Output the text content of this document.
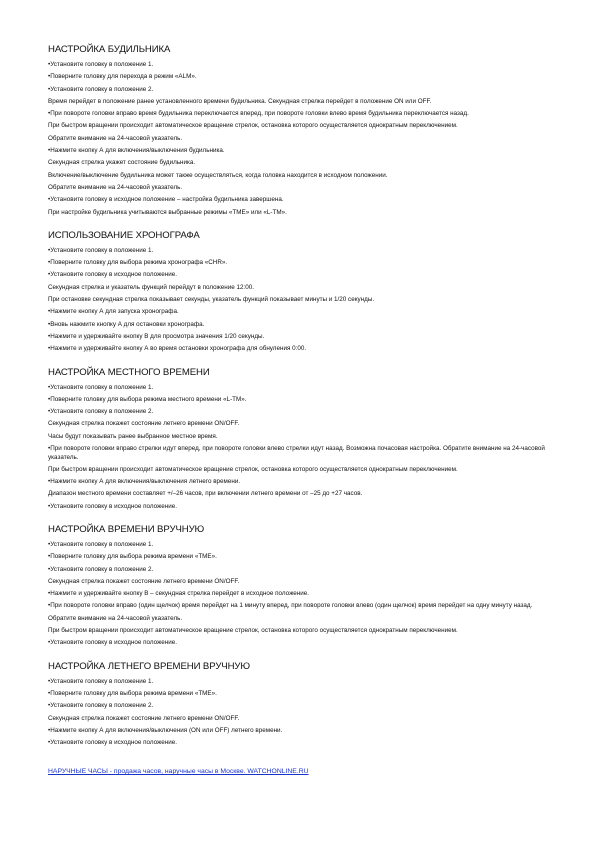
НАСТРОЙКА БУДИЛЬНИКА
•Установите головку в положение 1.
•Поверните головку для перехода в режим «ALM».
•Установите головку в положение 2.
Время перейдет в положение ранее установленного времени будильника. Секундная стрелка перейдет в положение ON или OFF.
•При повороте головки вправо время будильника переключается вперед, при повороте головки влево время будильника переключается назад.
При быстром вращении происходит автоматическое вращение стрелок, остановка которого осуществляется однократным переключением.
Обратите внимание на 24-часовой указатель.
•Нажмите кнопку А для включения/выключения будильника.
Секундная стрелка укажет состояние будильника.
Включение/выключение будильника может также осуществляться, когда головка находится в исходном положении.
Обратите внимание на 24-часовой указатель.
•Установите головку в исходное положение – настройка будильника завершена.
При настройке будильника учитываются выбранные режимы «TME» или «L-TM».
ИСПОЛЬЗОВАНИЕ ХРОНОГРАФА
•Установите головку в положение 1.
•Поверните головку для выбора режима хронографа «CHR».
•Установите головку в исходное положение.
Секундная стрелка и указатель функций перейдут в положение 12:00.
При остановке секундная стрелка показывает секунды, указатель функций показывает минуты и 1/20 секунды.
•Нажмите кнопку А для запуска хронографа.
•Вновь нажмите кнопку А для остановки хронографа.
•Нажмите и удерживайте кнопку В для просмотра значения 1/20 секунды.
•Нажмите и удерживайте кнопку А во время остановки хронографа для обнуления 0:00.
НАСТРОЙКА МЕСТНОГО ВРЕМЕНИ
•Установите головку в положение 1.
•Поверните головку для выбора режима местного времени «L-TM».
•Установите головку в положение 2.
Секундная стрелка покажет состояние летнего времени ON/OFF.
Часы будут показывать ранее выбранное местное время.
•При повороте головки вправо стрелки идут вперед, при повороте головки влево стрелки идут назад. Возможна почасовая настройка. Обратите внимание на 24-часовой указатель.
При быстром вращении происходит автоматическое вращение стрелок, остановка которого осуществляется однократным переключением.
•Нажмите кнопку А для включения/выключения летнего времени.
Диапазон местного времени составляет +/–26 часов, при включении летнего времени от –25 до +27 часов.
•Установите головку в исходное положение.
НАСТРОЙКА ВРЕМЕНИ ВРУЧНУЮ
•Установите головку в положение 1.
•Поверните головку для выбора режима времени «TME».
•Установите головку в положение 2.
Секундная стрелка покажет состояние летнего времени ON/OFF.
•Нажмите и удерживайте кнопку В – секундная стрелка перейдет в исходное положение.
•При повороте головки вправо (один щелчок) время перейдет на 1 минуту вперед, при повороте головки влево (один щелчок) время перейдет на одну минуту назад.
Обратите внимание на 24-часовой указатель.
При быстром вращении происходит автоматическое вращение стрелок, остановка которого осуществляется однократным переключением.
•Установите головку в исходное положение.
НАСТРОЙКА ЛЕТНЕГО ВРЕМЕНИ ВРУЧНУЮ
•Установите головку в положение 1.
•Поверните головку для выбора режима времени «TME».
•Установите головку в положение 2.
Секундная стрелка покажет состояние летнего времени ON/OFF.
•Нажмите кнопку А для включения/выключения (ON или OFF) летнего времени.
•Установите головку в исходное положение.
НАРУЧНЫЕ ЧАСЫ - продажа часов, наручные часы в Москве. WATCHONLINE.RU
